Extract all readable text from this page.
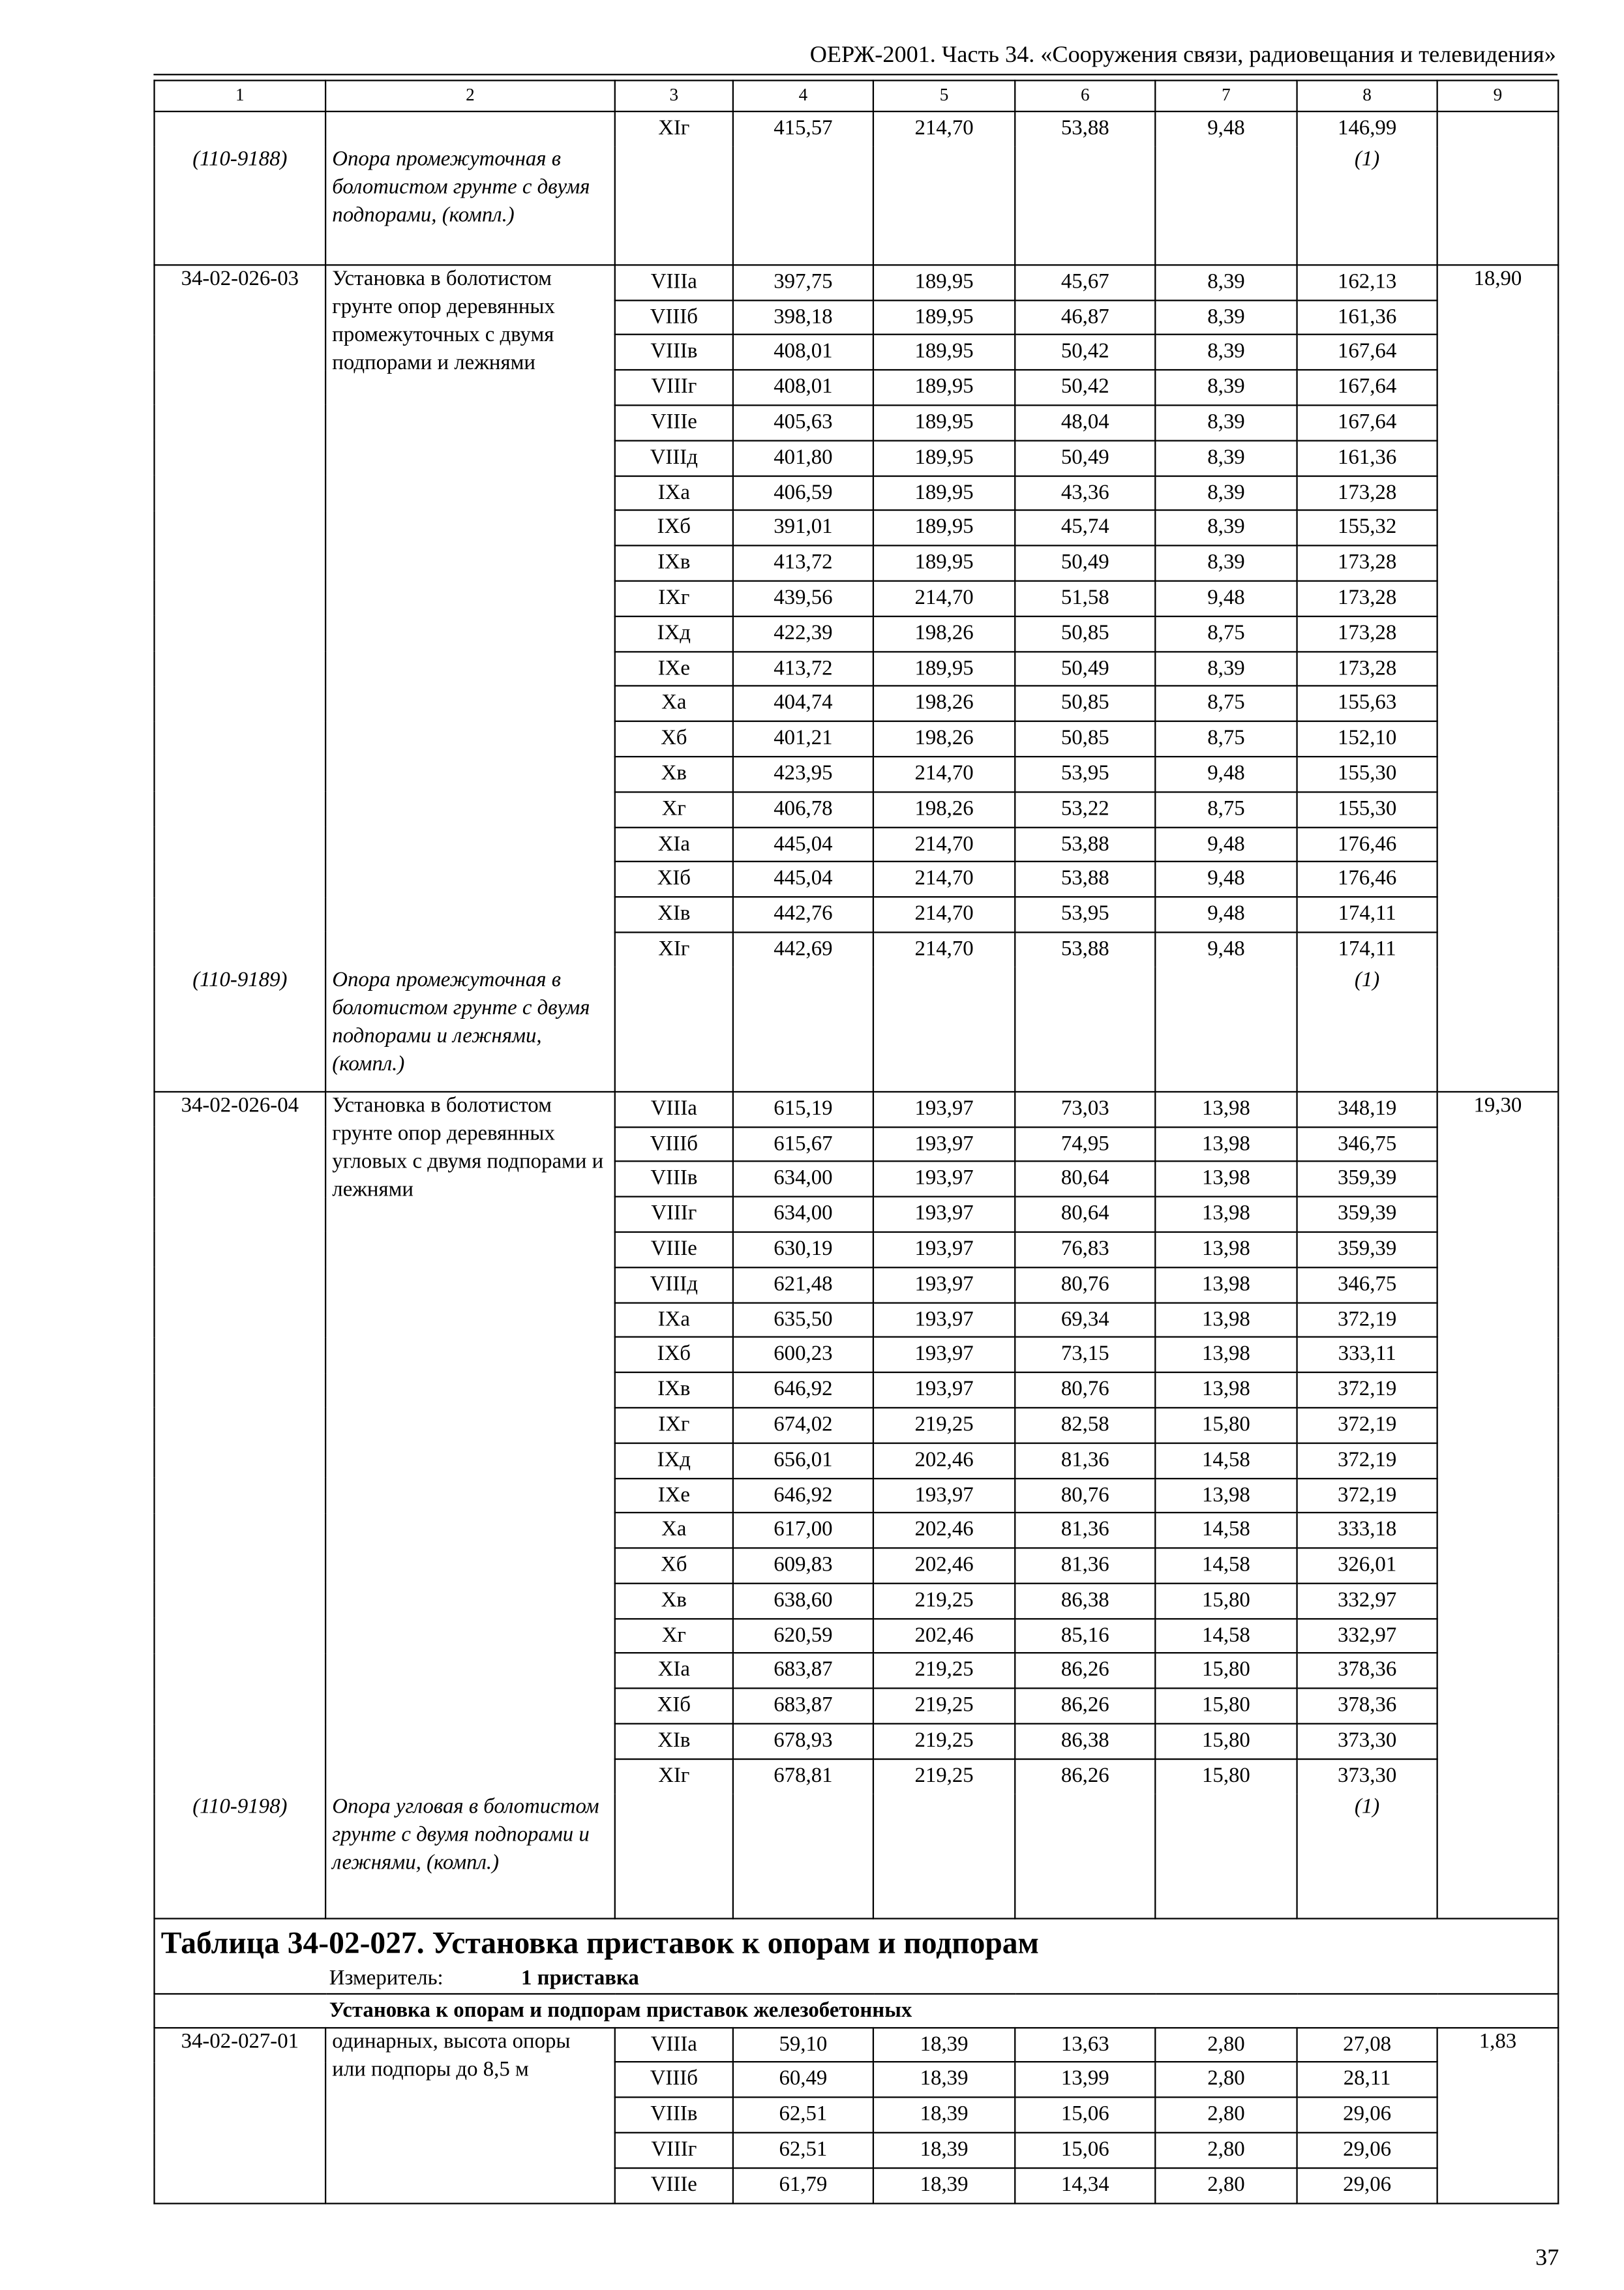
ОЕРЖ-2001. Часть 34. «Сооружения связи, радиовещания и телевидения»
1	2	3	4	5	6	7	8	9
		XIг	415,57	214,70	53,88	9,48	146,99	
(110-9188)	Опора промежуточная в болотистом грунте с двумя подпорами, (компл.)						(1)	
34-02-026-03	Установка в болотистом грунте опор деревянных промежуточных с двумя подпорами и лежнями	VIIIа	397,75	189,95	45,67	8,39	162,13	18,90
		VIIIб	398,18	189,95	46,87	8,39	161,36	
		VIIIв	408,01	189,95	50,42	8,39	167,64	
		VIIIг	408,01	189,95	50,42	8,39	167,64	
		VIIIе	405,63	189,95	48,04	8,39	167,64	
		VIIIд	401,80	189,95	50,49	8,39	161,36	
		IXа	406,59	189,95	43,36	8,39	173,28	
		IXб	391,01	189,95	45,74	8,39	155,32	
		IXв	413,72	189,95	50,49	8,39	173,28	
		IXг	439,56	214,70	51,58	9,48	173,28	
		IXд	422,39	198,26	50,85	8,75	173,28	
		IXе	413,72	189,95	50,49	8,39	173,28	
		Xа	404,74	198,26	50,85	8,75	155,63	
		Xб	401,21	198,26	50,85	8,75	152,10	
		Xв	423,95	214,70	53,95	9,48	155,30	
		Xг	406,78	198,26	53,22	8,75	155,30	
		XIа	445,04	214,70	53,88	9,48	176,46	
		XIб	445,04	214,70	53,88	9,48	176,46	
		XIв	442,76	214,70	53,95	9,48	174,11	
		XIг	442,69	214,70	53,88	9,48	174,11	
(110-9189)	Опора промежуточная в болотистом грунте с двумя подпорами и лежнями, (компл.)						(1)	
34-02-026-04	Установка в болотистом грунте опор деревянных угловых с двумя подпорами и лежнями	VIIIа	615,19	193,97	73,03	13,98	348,19	19,30
		VIIIб	615,67	193,97	74,95	13,98	346,75	
		VIIIв	634,00	193,97	80,64	13,98	359,39	
		VIIIг	634,00	193,97	80,64	13,98	359,39	
		VIIIе	630,19	193,97	76,83	13,98	359,39	
		VIIIд	621,48	193,97	80,76	13,98	346,75	
		IXа	635,50	193,97	69,34	13,98	372,19	
		IXб	600,23	193,97	73,15	13,98	333,11	
		IXв	646,92	193,97	80,76	13,98	372,19	
		IXг	674,02	219,25	82,58	15,80	372,19	
		IXд	656,01	202,46	81,36	14,58	372,19	
		IXе	646,92	193,97	80,76	13,98	372,19	
		Xа	617,00	202,46	81,36	14,58	333,18	
		Xб	609,83	202,46	81,36	14,58	326,01	
		Xв	638,60	219,25	86,38	15,80	332,97	
		Xг	620,59	202,46	85,16	14,58	332,97	
		XIа	683,87	219,25	86,26	15,80	378,36	
		XIб	683,87	219,25	86,26	15,80	378,36	
		XIв	678,93	219,25	86,38	15,80	373,30	
		XIг	678,81	219,25	86,26	15,80	373,30	
(110-9198)	Опора угловая в болотистом грунте с двумя подпорами и лежнями, (компл.)						(1)	

Таблица 34-02-027. Установка приставок к опорам и подпорам
Измеритель: 1 приставка								

Установка к опорам и подпорам приставок железобетонных								
34-02-027-01	одинарных, высота опоры или подпоры до 8,5 м	VIIIа	59,10	18,39	13,63	2,80	27,08	1,83
		VIIIб	60,49	18,39	13,99	2,80	28,11	
		VIIIв	62,51	18,39	15,06	2,80	29,06	
		VIIIг	62,51	18,39	15,06	2,80	29,06	
		VIIIе	61,79	18,39	14,34	2,80	29,06	
37
